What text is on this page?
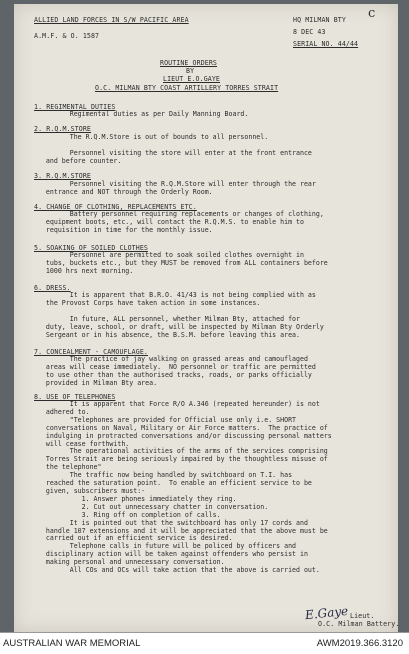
c
ALLIED LAND FORCES IN S/W PACIFIC AREA
A.M.F. & O. 1587
HQ MILMAN BTY
8 DEC 43
SERIAL NO. 44/44
ROUTINE ORDERS
BY
LIEUT E.O.GAYE
O.C. MILMAN BTY COAST ARTILLERY TORRES STRAIT
1. REGIMENTAL DUTIES
Regimental duties as per Daily Manning Board.
2. R.Q.M.STORE
The R.Q.M.Store is out of bounds to all personnel.

Personnel visiting the store will enter at the front entrance
and before counter.
3. R.Q.M.STORE
Personnel visiting the R.Q.M.Store will enter through the rear
entrance and NOT through the Orderly Room.
4. CHANGE OF CLOTHING, REPLACEMENTS ETC.
Battery personnel requiring replacements or changes of clothing,
equipment boots, etc., will contact the R.Q.M.S. to enable him to
requisition in time for the monthly issue.
5. SOAKING OF SOILED CLOTHES
Personnel are permitted to soak soiled clothes overnight in
tubs, buckets etc., but they MUST be removed from ALL containers before
1000 hrs next morning.
6. DRESS.
It is apparent that B.R.O. 41/43 is not being complied with as
the Provost Corps have taken action in some instances.

In future, ALL personnel, whether Milman Bty, attached for
duty, leave, school, or draft, will be inspected by Milman Bty Orderly
Sergeant or in his absence, the B.S.M. before leaving this area.
7. CONCEALMENT - CAMOUFLAGE.
The practice of jay walking on grassed areas and camouflaged
areas will cease immediately.  NO personnel or traffic are permitted
to use other than the authorised tracks, roads, or parks officially
provided in Milman Bty area.
8. USE OF TELEPHONES
It is apparent that Force R/O A.346 (repeated hereunder) is not
adhered to.
"Telephones are provided for Official use only i.e. SHORT
conversations on Naval, Military or Air Force matters.  The practice of
indulging in protracted conversations and/or discussing personal matters
will cease forthwith.
The operational activities of the arms of the services comprising
Torres Strait are being seriously impaired by the thoughtless misuse of
the telephone"
The traffic now being handled by switchboard on T.I. has
reached the saturation point.  To enable an efficient service to be
given, subscribers must:-
1. Answer phones immediately they ring.
2. Cut out unnecessary chatter in conversation.
3. Ring off on completion of calls.
It is pointed out that the switchboard has only 17 cords and
handle 107 extensions and it will be appreciated that the above must be
carried out if an efficient service is desired.
Telephone calls in future will be policed by officers and
disciplinary action will be taken against offenders who persist in
making personal and unnecessary conversation.
All COs and OCs will take action that the above is carried out.
E.Gaye Lieut.
O.C. Milman Battery.
AUSTRALIAN WAR MEMORIAL	AWM2019.366.3120
